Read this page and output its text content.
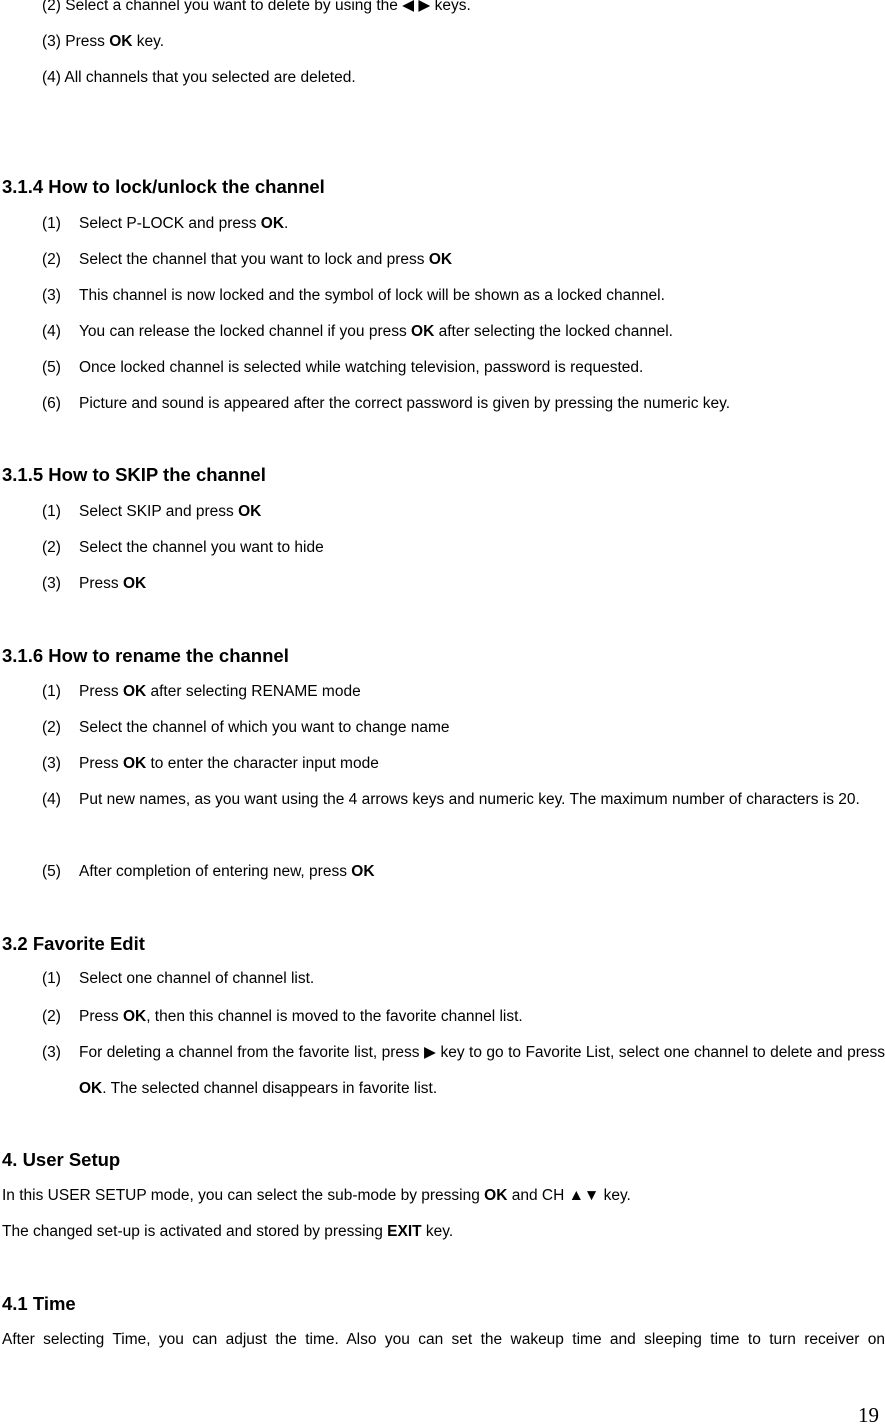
(2) Select a channel you want to delete by using the ◀ ▶ keys.
(3) Press OK key.
(4) All channels that you selected are deleted.
3.1.4 How to lock/unlock the channel
(1) Select P-LOCK and press OK.
(2) Select the channel that you want to lock and press OK
(3) This channel is now locked and the symbol of lock will be shown as a locked channel.
(4) You can release the locked channel if you press OK after selecting the locked channel.
(5) Once locked channel is selected while watching television, password is requested.
(6) Picture and sound is appeared after the correct password is given by pressing the numeric key.
3.1.5 How to SKIP the channel
(1) Select SKIP and press OK
(2) Select the channel you want to hide
(3) Press OK
3.1.6 How to rename the channel
(1) Press OK after selecting RENAME mode
(2) Select the channel of which you want to change name
(3) Press OK to enter the character input mode
(4) Put new names, as you want using the 4 arrows keys and numeric key. The maximum number of characters is 20.
(5) After completion of entering new, press OK
3.2 Favorite Edit
(1) Select one channel of channel list.
(2) Press OK, then this channel is moved to the favorite channel list.
(3) For deleting a channel from the favorite list, press ▶ key to go to Favorite List, select one channel to delete and press OK. The selected channel disappears in favorite list.
4. User Setup
In this USER SETUP mode, you can select the sub-mode by pressing OK and CH ▲▼ key.
The changed set-up is activated and stored by pressing EXIT key.
4.1 Time
After selecting Time, you can adjust the time. Also you can set the wakeup time and sleeping time to turn receiver on
19
